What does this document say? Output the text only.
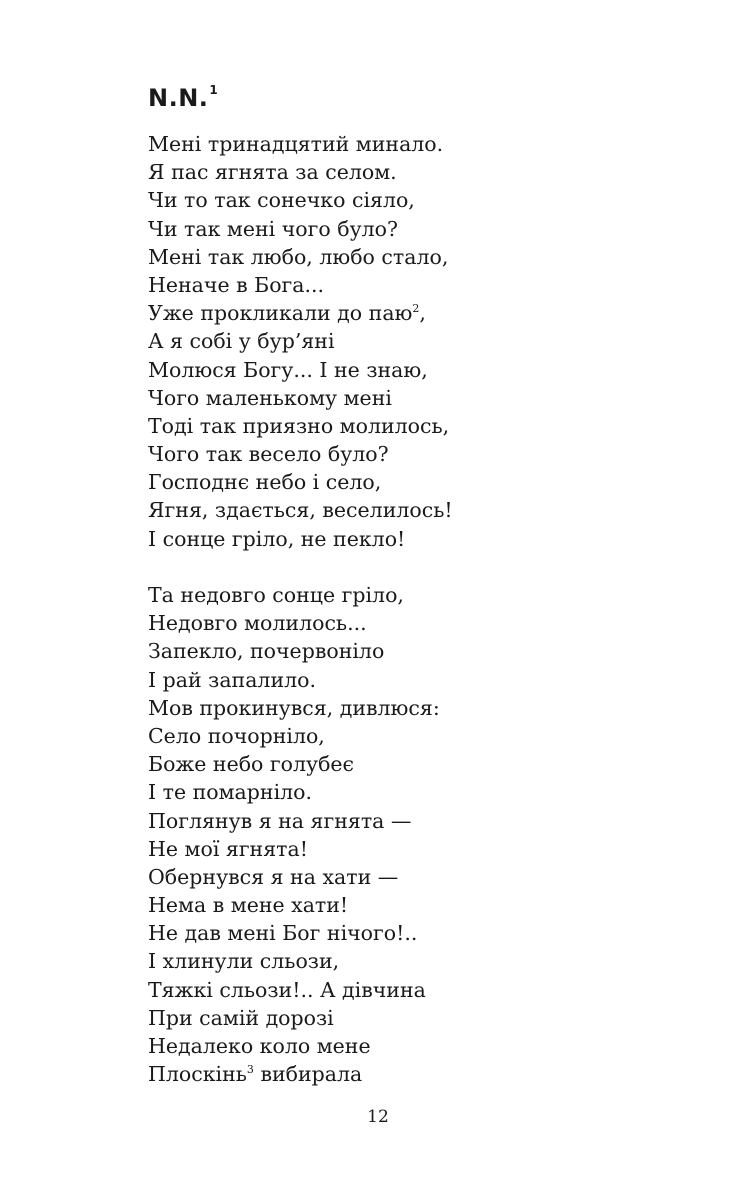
N.N.$^1$
Мені тринадцятий минало.
Я пас ягнята за селом.
Чи то так сонечко сіяло,
Чи так мені чого було?
Мені так любо, любо стало,
Неначе в Бога...
Уже прокликали до паю$^2$,
А я собі у бур’яні
Молюся Богу... І не знаю,
Чого маленькому мені
Тоді так приязно молилось,
Чого так весело було?
Господнє небо і село,
Ягня, здається, веселилось!
І сонце гріло, не пекло!
Та недовго сонце гріло,
Недовго молилось...
Запекло, почервоніло
І рай запалило.
Мов прокинувся, дивлюся:
Село почорніло,
Боже небо голубеє
І те помарніло.
Поглянув я на ягнята —
Не мої ягнята!
Обернувся я на хати —
Нема в мене хати!
Не дав мені Бог нічого!..
І хлинули сльози,
Тяжкі сльози!.. А дівчина
При самій дорозі
Недалеко коло мене
Плоскінь$^3$ вибирала
12
